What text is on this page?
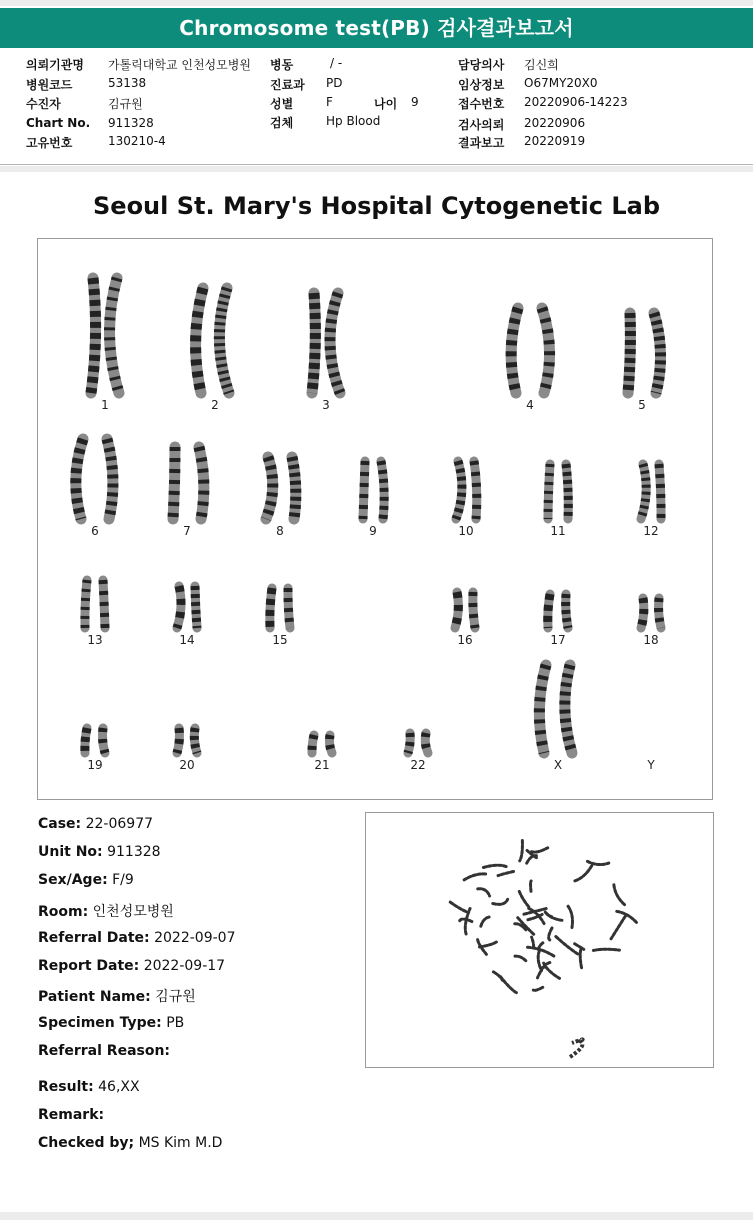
Chromosome test(PB) 검사결과보고서
의뢰기관명 가톨릭대학교 인천성모병원
병원코드	53138
수진자	김규원
Chart No. 911328
고유번호	130210-4
병동	/ -
진료과 PD
성별	F	나이 9
검체	Hp Blood
담당의사 김신희
임상정보 O67MY20X0
접수번호 20220906-14223
검사의뢰 20220906
결과보고 20220919
Seoul St. Mary's Hospital Cytogenetic Lab
1	2	3	4	5
6	7	8	9	10	11	12
13	14	15	16	17	18
19	20	21	22	X	Y
Case: 22-06977
Unit No: 911328
Sex/Age: F/9
Room: 인천성모병원
Referral Date: 2022-09-07
Report Date: 2022-09-17
Patient Name: 김규원
Specimen Type: PB
Referral Reason:
Result: 46,XX
Remark:
Checked by; MS Kim M.D
